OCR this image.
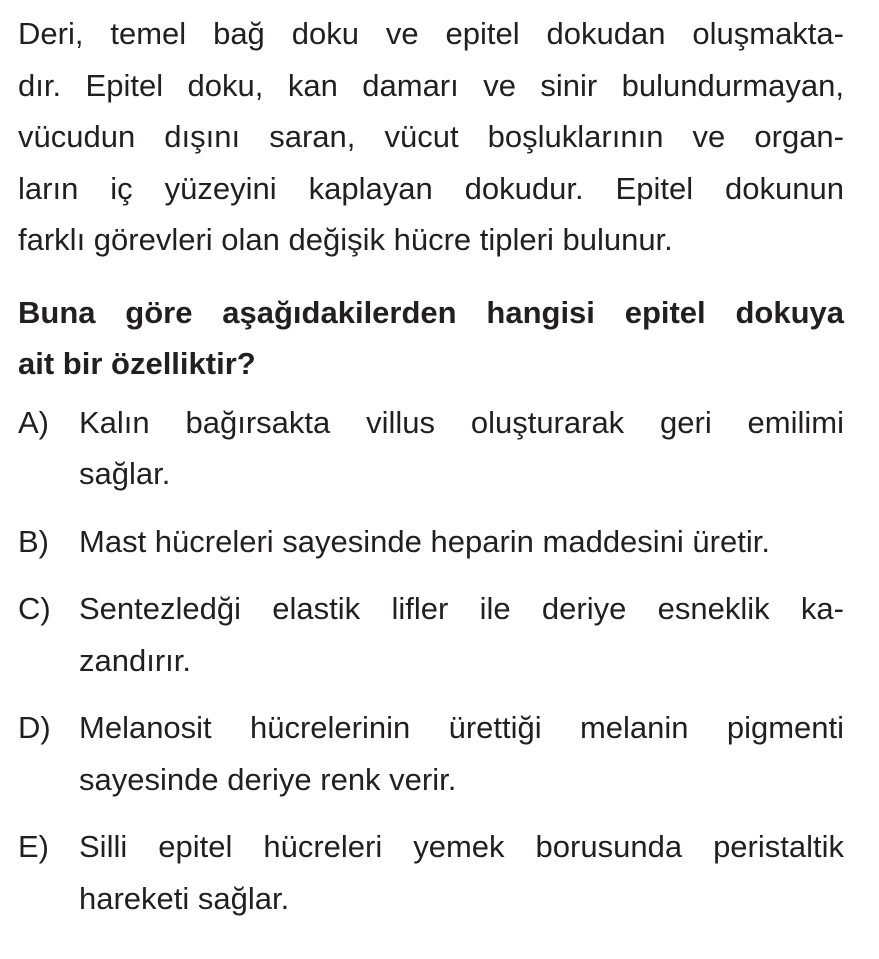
Deri, temel bağ doku ve epitel dokudan oluşmakta-
dır. Epitel doku, kan damarı ve sinir bulundurmayan,
vücudun dışını saran, vücut boşluklarının ve organ-
ların iç yüzeyini kaplayan dokudur. Epitel dokunun
farklı görevleri olan değişik hücre tipleri bulunur.

Buna göre aşağıdakilerden hangisi epitel dokuya
ait bir özelliktir?

A) Kalın bağırsakta villus oluşturarak geri emilimi
sağlar.
B) Mast hücreleri sayesinde heparin maddesini üretir.
C) Sentezledği elastik lifler ile deriye esneklik ka-
zandırır.
D) Melanosit hücrelerinin ürettiği melanin pigmenti
sayesinde deriye renk verir.
E) Silli epitel hücreleri yemek borusunda peristaltik
hareketi sağlar.
